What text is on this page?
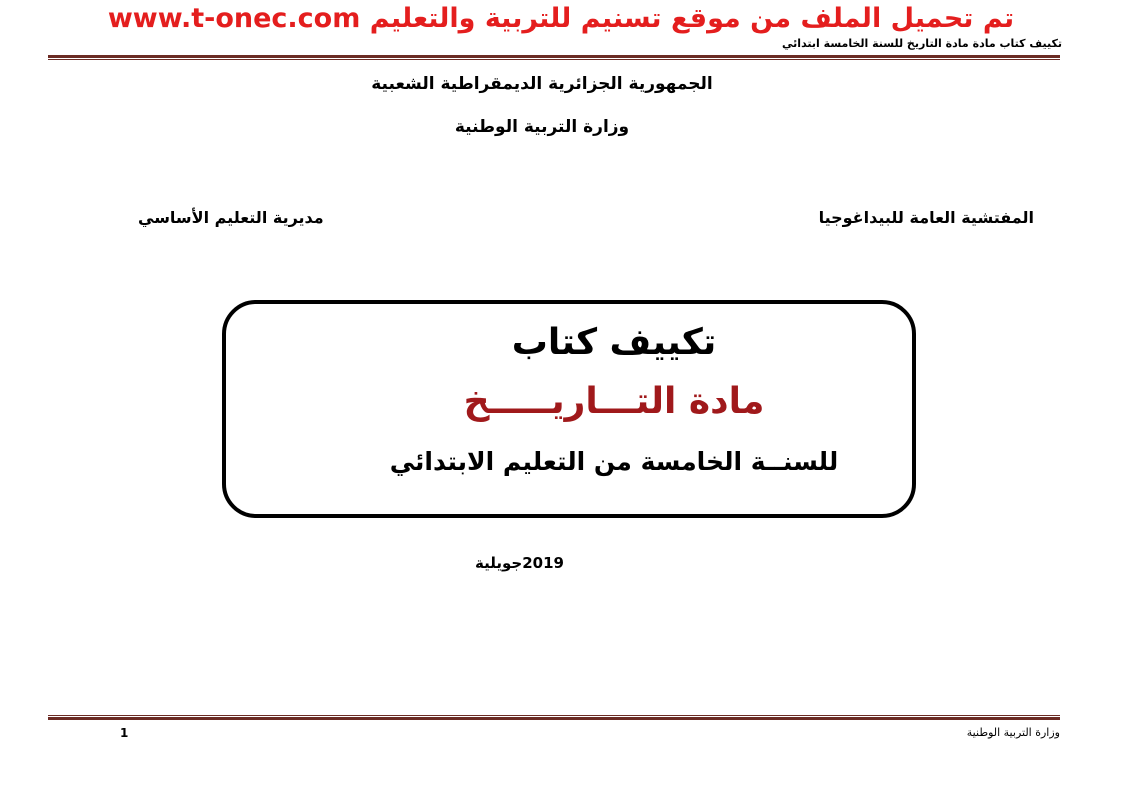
تم تحميل الملف من موقع تسنيم للتربية والتعليم www.t-onec.com
تكييف كتاب مادة مادة التاريخ للسنة الخامسة ابتدائي
الجمهورية الجزائرية الديمقراطية الشعبية
وزارة التربية الوطنية
المفتشية العامة للبيداغوجيا
مديرية التعليم الأساسي
تكييف كتاب
مادة التـــاريـــــخ
للسنــة الخامسة من التعليم الابتدائي
2019جويلية
وزارة التربية الوطنية
1
